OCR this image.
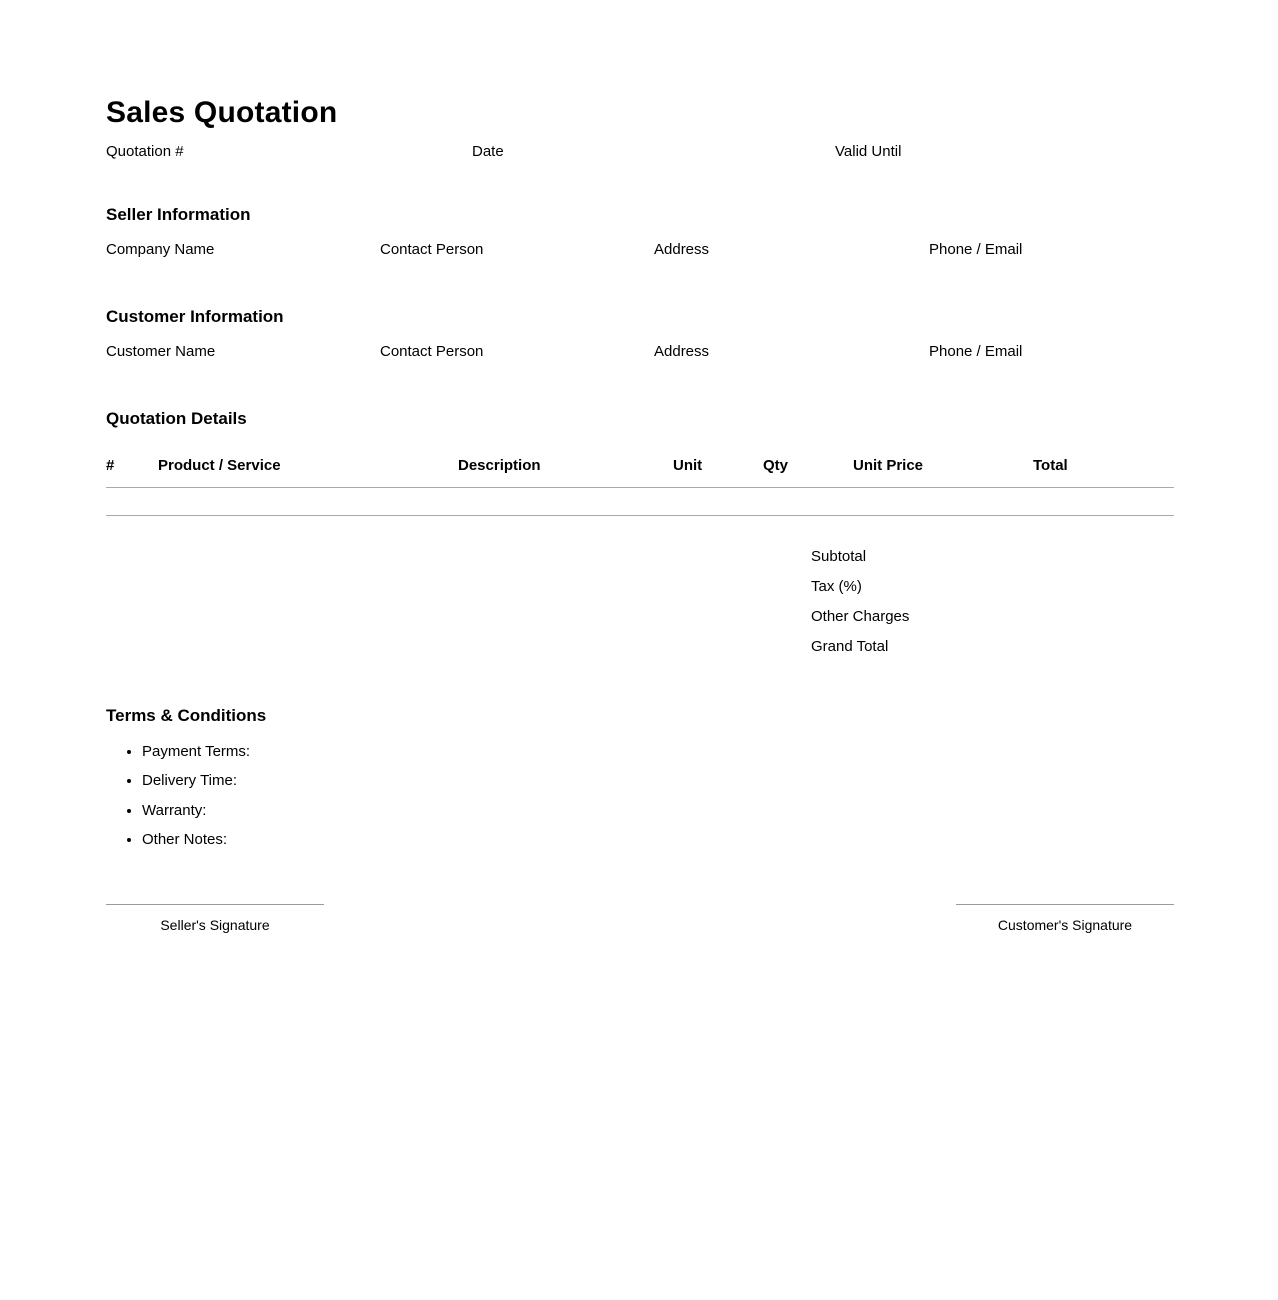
Sales Quotation
Quotation #	Date	Valid Until
Seller Information
Company Name	Contact Person	Address	Phone / Email
Customer Information
Customer Name	Contact Person	Address	Phone / Email
Quotation Details
#	Product / Service	Description	Unit	Qty	Unit Price	Total

Subtotal
Tax (%)
Other Charges
Grand Total
Terms & Conditions
• Payment Terms:
• Delivery Time:
• Warranty:
• Other Notes:
Seller's Signature	Customer's Signature
